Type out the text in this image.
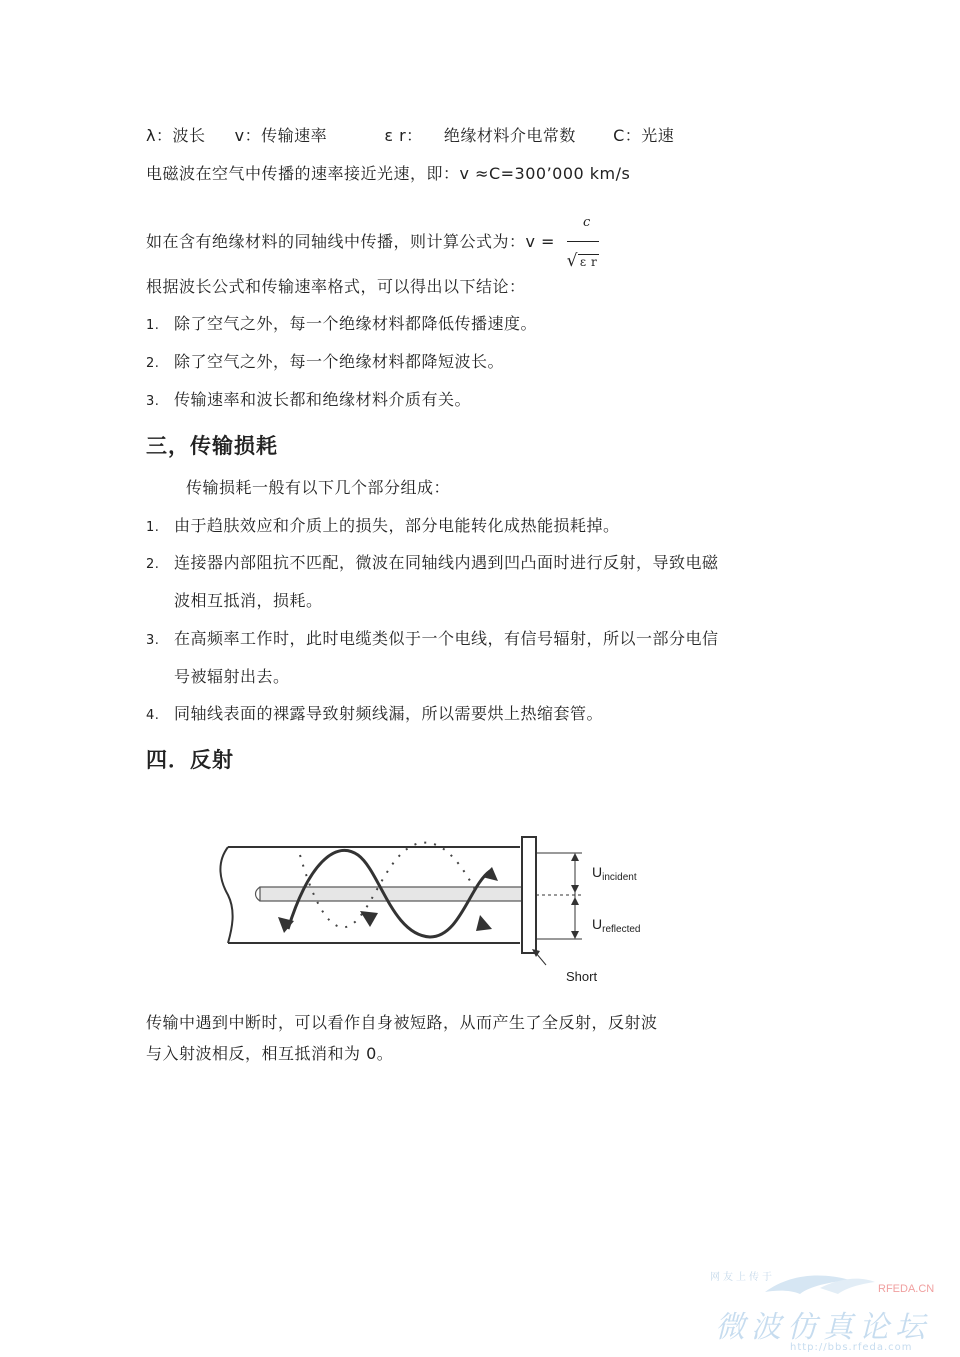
λ：波长 v：传输速率	ε r： 绝缘材料介电常数 C：光速
电磁波在空气中传播的速率接近光速，即：v ≈C=300’000 km/s
如在含有绝缘材料的同轴线中传播，则计算公式为：$v = \frac{c}{\text{√ ε r}}$
根据波长公式和传输速率格式，可以得出以下结论：
1. 除了空气之外，每一个绝缘材料都降低传播速度。
2. 除了空气之外，每一个绝缘材料都降短波长。
3. 传输速率和波长都和绝缘材料介质有关。
三，传输损耗
传输损耗一般有以下几个部分组成：
1. 由于趋肤效应和介质上的损失，部分电能转化成热能损耗掉。
2. 连接器内部阻抗不匹配，微波在同轴线内遇到凹凸面时进行反射，导致电磁
波相互抵消，损耗。
3. 在高频率工作时，此时电缆类似于一个电线，有信号辐射，所以一部分电信
号被辐射出去。
4. 同轴线表面的裸露导致射频线漏，所以需要烘上热缩套管。
四．反射
$U_{incident}$
$U_{reflected}$
Short
传输中遇到中断时，可以看作自身被短路，从而产生了全反射，反射波
与入射波相反，相互抵消和为 0。
网友上传于
RFEDA.CN
微波仿真论坛
http://bbs.rfeda.com
